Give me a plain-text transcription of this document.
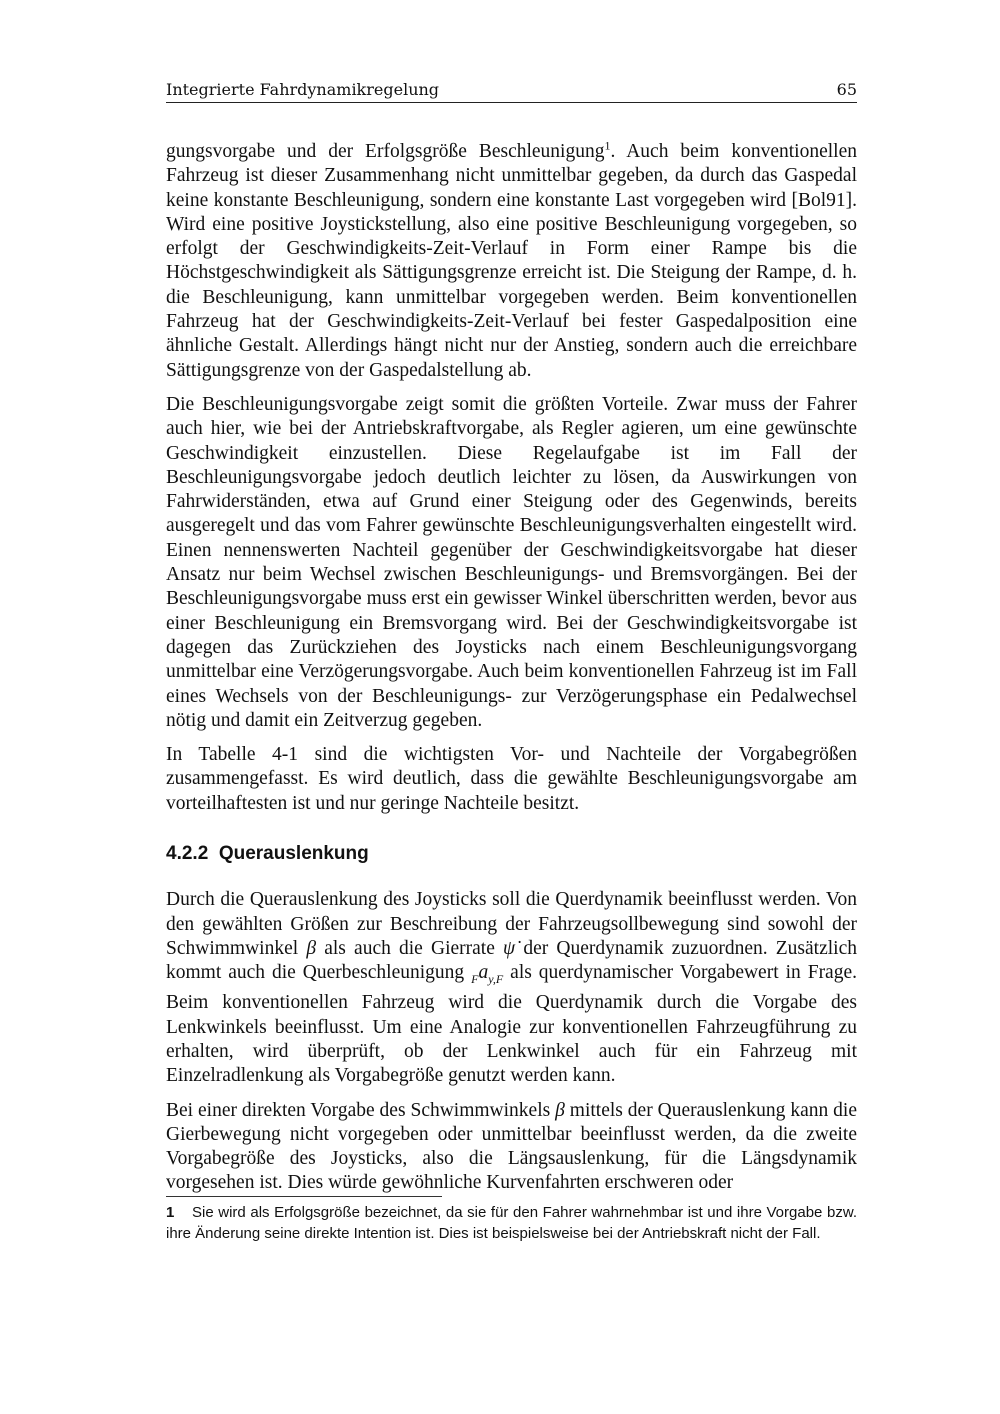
Integrierte Fahrdynamikregelung	65

gungsvorgabe und der Erfolgsgröße Beschleunigung$^1$. Auch beim konventionellen Fahrzeug ist dieser Zusammenhang nicht unmittelbar gegeben, da durch das Gaspedal keine konstante Beschleunigung, sondern eine konstante Last vorgegeben wird [Bol91]. Wird eine positive Joystickstellung, also eine positive Beschleunigung vorgegeben, so erfolgt der Geschwindigkeits-Zeit-Verlauf in Form einer Rampe bis die Höchstgeschwindigkeit als Sättigungsgrenze erreicht ist. Die Steigung der Rampe, d. h. die Beschleunigung, kann unmittelbar vorgegeben werden. Beim konventionellen Fahrzeug hat der Geschwindigkeits-Zeit-Verlauf bei fester Gaspedalposition eine ähnliche Gestalt. Allerdings hängt nicht nur der Anstieg, sondern auch die erreichbare Sättigungsgrenze von der Gaspedalstellung ab.

Die Beschleunigungsvorgabe zeigt somit die größten Vorteile. Zwar muss der Fahrer auch hier, wie bei der Antriebskraftvorgabe, als Regler agieren, um eine gewünschte Geschwindigkeit einzustellen. Diese Regelaufgabe ist im Fall der Beschleunigungsvorgabe jedoch deutlich leichter zu lösen, da Auswirkungen von Fahrwiderständen, etwa auf Grund einer Steigung oder des Gegenwinds, bereits ausgeregelt und das vom Fahrer gewünschte Beschleunigungsverhalten eingestellt wird. Einen nennenswerten Nachteil gegenüber der Geschwindigkeitsvorgabe hat dieser Ansatz nur beim Wechsel zwischen Beschleunigungs- und Bremsvorgängen. Bei der Beschleunigungsvorgabe muss erst ein gewisser Winkel überschritten werden, bevor aus einer Beschleunigung ein Bremsvorgang wird. Bei der Geschwindigkeitsvorgabe ist dagegen das Zurückziehen des Joysticks nach einem Beschleunigungsvorgang unmittelbar eine Verzögerungsvorgabe. Auch beim konventionellen Fahrzeug ist im Fall eines Wechsels von der Beschleunigungs- zur Verzögerungsphase ein Pedalwechsel nötig und damit ein Zeitverzug gegeben.

In Tabelle 4-1 sind die wichtigsten Vor- und Nachteile der Vorgabegrößen zusammengefasst. Es wird deutlich, dass die gewählte Beschleunigungsvorgabe am vorteilhaftesten ist und nur geringe Nachteile besitzt.

4.2.2 Querauslenkung

Durch die Querauslenkung des Joysticks soll die Querdynamik beeinflusst werden. Von den gewählten Größen zur Beschreibung der Fahrzeugsollbewegung sind sowohl der Schwimmwinkel β als auch die Gierrate ψ̇ der Querdynamik zuzuordnen. Zusätzlich kommt auch die Querbeschleunigung $_Fa_{y,F}$ als querdynamischer Vorgabewert in Frage. Beim konventionellen Fahrzeug wird die Querdynamik durch die Vorgabe des Lenkwinkels beeinflusst. Um eine Analogie zur konventionellen Fahrzeugführung zu erhalten, wird überprüft, ob der Lenkwinkel auch für ein Fahrzeug mit Einzelradlenkung als Vorgabegröße genutzt werden kann.

Bei einer direkten Vorgabe des Schwimmwinkels β mittels der Querauslenkung kann die Gierbewegung nicht vorgegeben oder unmittelbar beeinflusst werden, da die zweite Vorgabegröße des Joysticks, also die Längsauslenkung, für die Längsdynamik vorgesehen ist. Dies würde gewöhnliche Kurvenfahrten erschweren oder

1 Sie wird als Erfolgsgröße bezeichnet, da sie für den Fahrer wahrnehmbar ist und ihre Vorgabe bzw. ihre Änderung seine direkte Intention ist. Dies ist beispielsweise bei der Antriebskraft nicht der Fall.
